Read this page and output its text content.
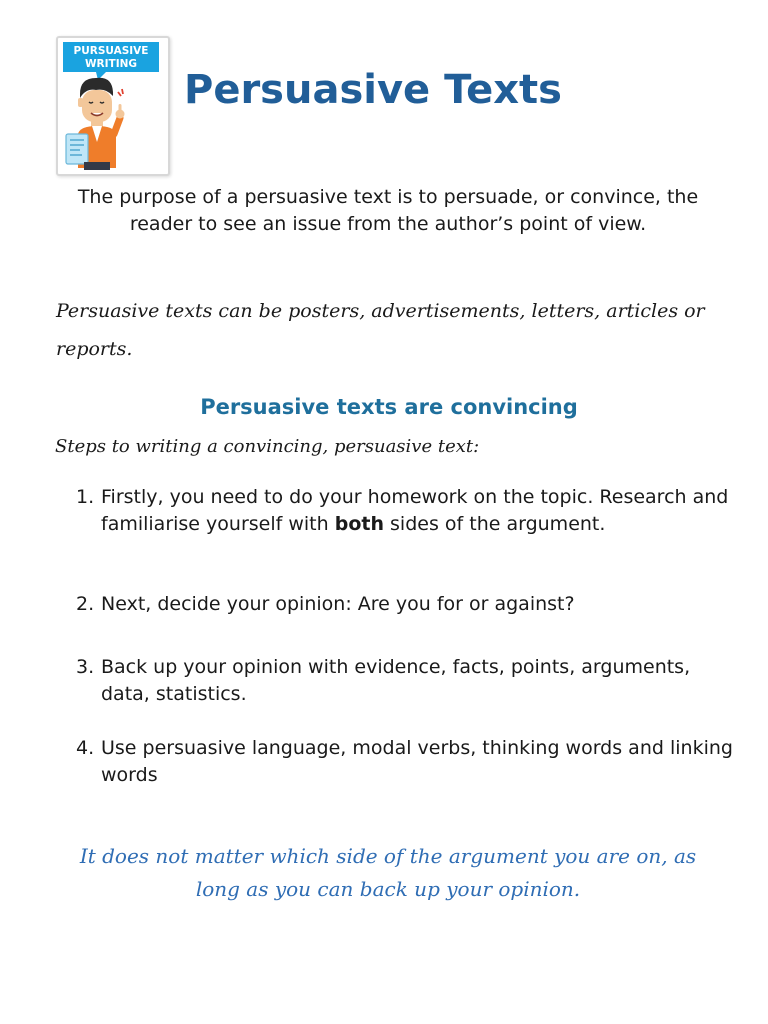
PURSUASIVE
WRITING
Persuasive Texts

The purpose of a persuasive text is to persuade, or convince, the reader to see an issue from the author’s point of view.

Persuasive texts can be posters, advertisements, letters, articles or reports.

Persuasive texts are convincing

Steps to writing a convincing, persuasive text:

1. Firstly, you need to do your homework on the topic. Research and familiarise yourself with both sides of the argument.
2. Next, decide your opinion: Are you for or against?
3. Back up your opinion with evidence, facts, points, arguments, data, statistics.
4. Use persuasive language, modal verbs, thinking words and linking words

It does not matter which side of the argument you are on, as long as you can back up your opinion.
